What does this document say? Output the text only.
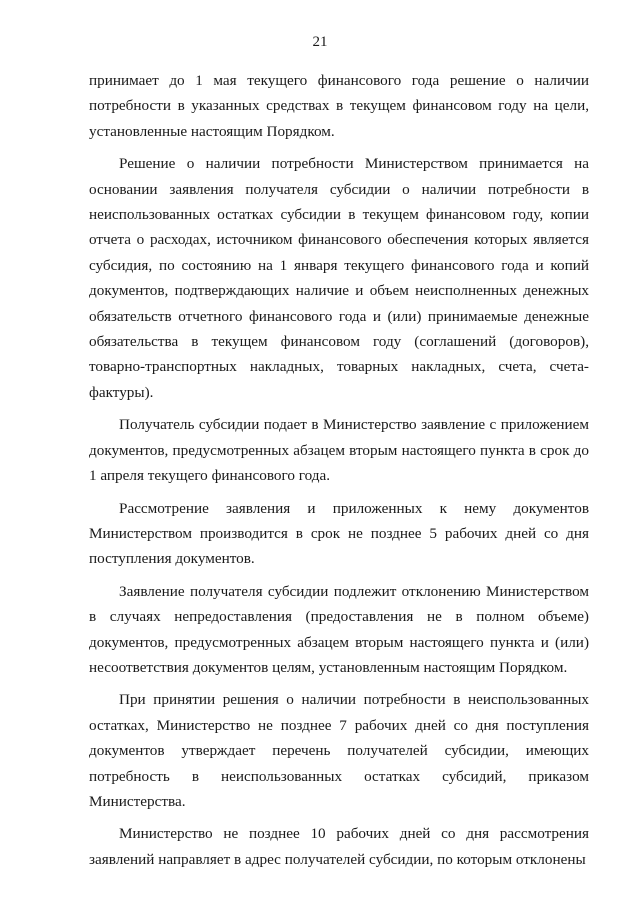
21

принимает до 1 мая текущего финансового года решение о наличии потребности в указанных средствах в текущем финансовом году на цели, установленные настоящим Порядком.

Решение о наличии потребности Министерством принимается на основании заявления получателя субсидии о наличии потребности в неиспользованных остатках субсидии в текущем финансовом году, копии отчета о расходах, источником финансового обеспечения которых является субсидия, по состоянию на 1 января текущего финансового года и копий документов, подтверждающих наличие и объем неисполненных денежных обязательств отчетного финансового года и (или) принимаемые денежные обязательства в текущем финансовом году (соглашений (договоров), товарно-транспортных накладных, товарных накладных, счета, счета-фактуры).

Получатель субсидии подает в Министерство заявление с приложением документов, предусмотренных абзацем вторым настоящего пункта в срок до 1 апреля текущего финансового года.

Рассмотрение заявления и приложенных к нему документов Министерством производится в срок не позднее 5 рабочих дней со дня поступления документов.

Заявление получателя субсидии подлежит отклонению Министерством в случаях непредоставления (предоставления не в полном объеме) документов, предусмотренных абзацем вторым настоящего пункта и (или) несоответствия документов целям, установленным настоящим Порядком.

При принятии решения о наличии потребности в неиспользованных остатках, Министерство не позднее 7 рабочих дней со дня поступления документов утверждает перечень получателей субсидии, имеющих потребность в неиспользованных остатках субсидий, приказом Министерства.

Министерство не позднее 10 рабочих дней со дня рассмотрения заявлений направляет в адрес получателей субсидии, по которым отклонены
